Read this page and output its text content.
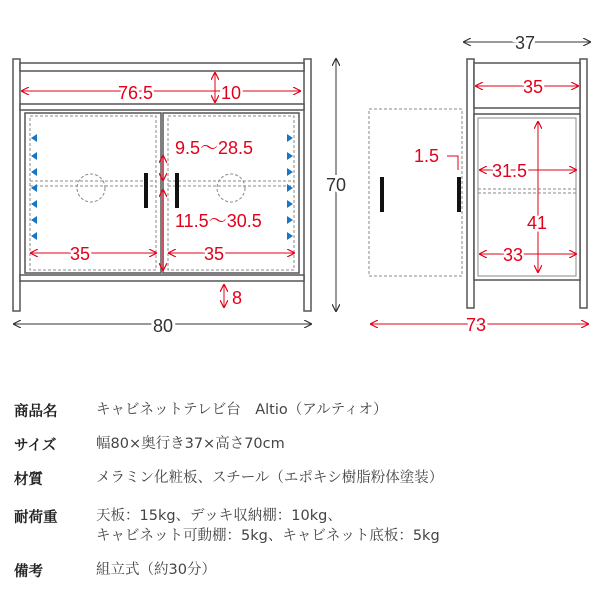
76.5	10
9.5～28.5
11.5～30.5
35	35
8
80
70
37
35
1.5
31.5
41
33
73
商品名	キャビネットテレビ台　Altio（アルティオ）
サイズ	幅80×奥行き37×高さ70cm
材質	メラミン化粧板、スチール（エポキシ樹脂粉体塗装）
耐荷重	天板：15kg、デッキ収納棚：10kg、
キャビネット可動棚：5kg、キャビネット底板：5kg
備考	組立式（約30分）
